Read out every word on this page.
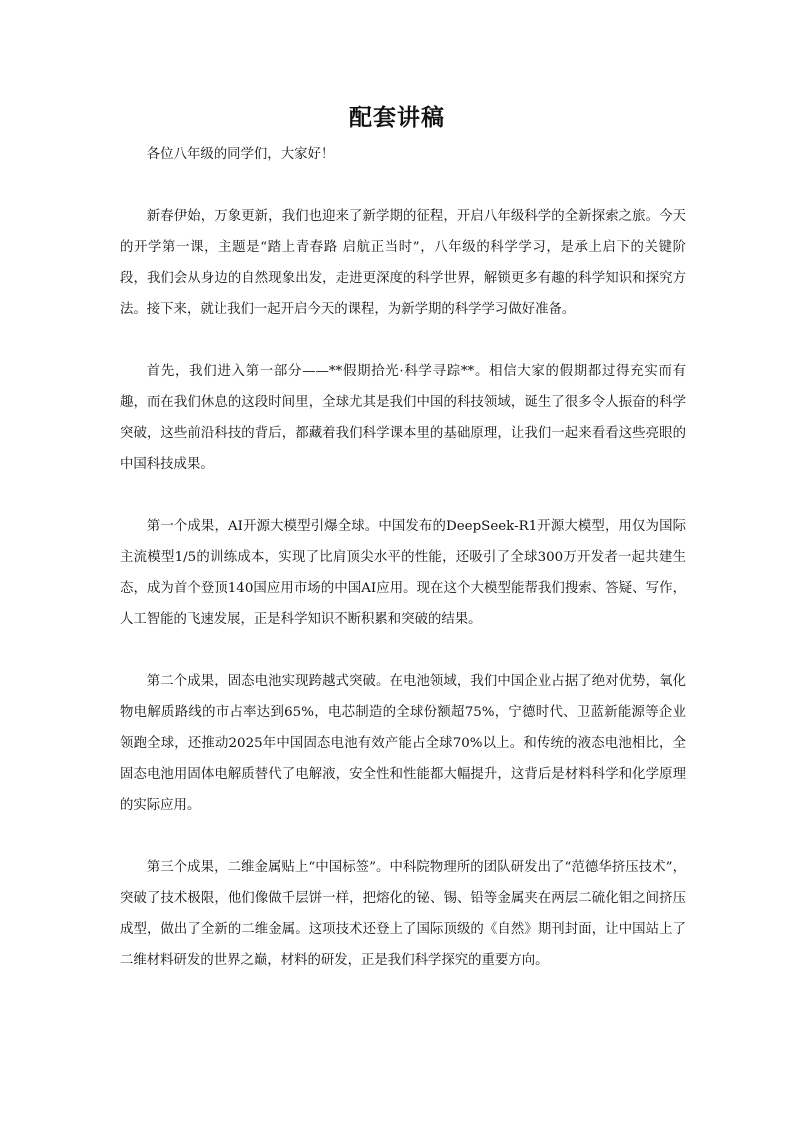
配套讲稿

各位八年级的同学们，大家好！

新春伊始，万象更新，我们也迎来了新学期的征程，开启八年级科学的全新探索之旅。今天的开学第一课，主题是“踏上青春路 启航正当时”，八年级的科学学习，是承上启下的关键阶段，我们会从身边的自然现象出发，走进更深度的科学世界，解锁更多有趣的科学知识和探究方法。接下来，就让我们一起开启今天的课程，为新学期的科学学习做好准备。

首先，我们进入第一部分——**假期拾光·科学寻踪**。相信大家的假期都过得充实而有趣，而在我们休息的这段时间里，全球尤其是我们中国的科技领域，诞生了很多令人振奋的科学突破，这些前沿科技的背后，都藏着我们科学课本里的基础原理，让我们一起来看看这些亮眼的中国科技成果。

第一个成果，AI开源大模型引爆全球。中国发布的DeepSeek-R1开源大模型，用仅为国际主流模型1/5的训练成本，实现了比肩顶尖水平的性能，还吸引了全球300万开发者一起共建生态，成为首个登顶140国应用市场的中国AI应用。现在这个大模型能帮我们搜索、答疑、写作，人工智能的飞速发展，正是科学知识不断积累和突破的结果。

第二个成果，固态电池实现跨越式突破。在电池领域，我们中国企业占据了绝对优势，氧化物电解质路线的市占率达到65%，电芯制造的全球份额超75%，宁德时代、卫蓝新能源等企业领跑全球，还推动2025年中国固态电池有效产能占全球70%以上。和传统的液态电池相比，全固态电池用固体电解质替代了电解液，安全性和性能都大幅提升，这背后是材料科学和化学原理的实际应用。

第三个成果，二维金属贴上“中国标签”。中科院物理所的团队研发出了“范德华挤压技术”，突破了技术极限，他们像做千层饼一样，把熔化的铋、锡、铅等金属夹在两层二硫化钼之间挤压成型，做出了全新的二维金属。这项技术还登上了国际顶级的《自然》期刊封面，让中国站上了二维材料研发的世界之巅，材料的研发，正是我们科学探究的重要方向。
